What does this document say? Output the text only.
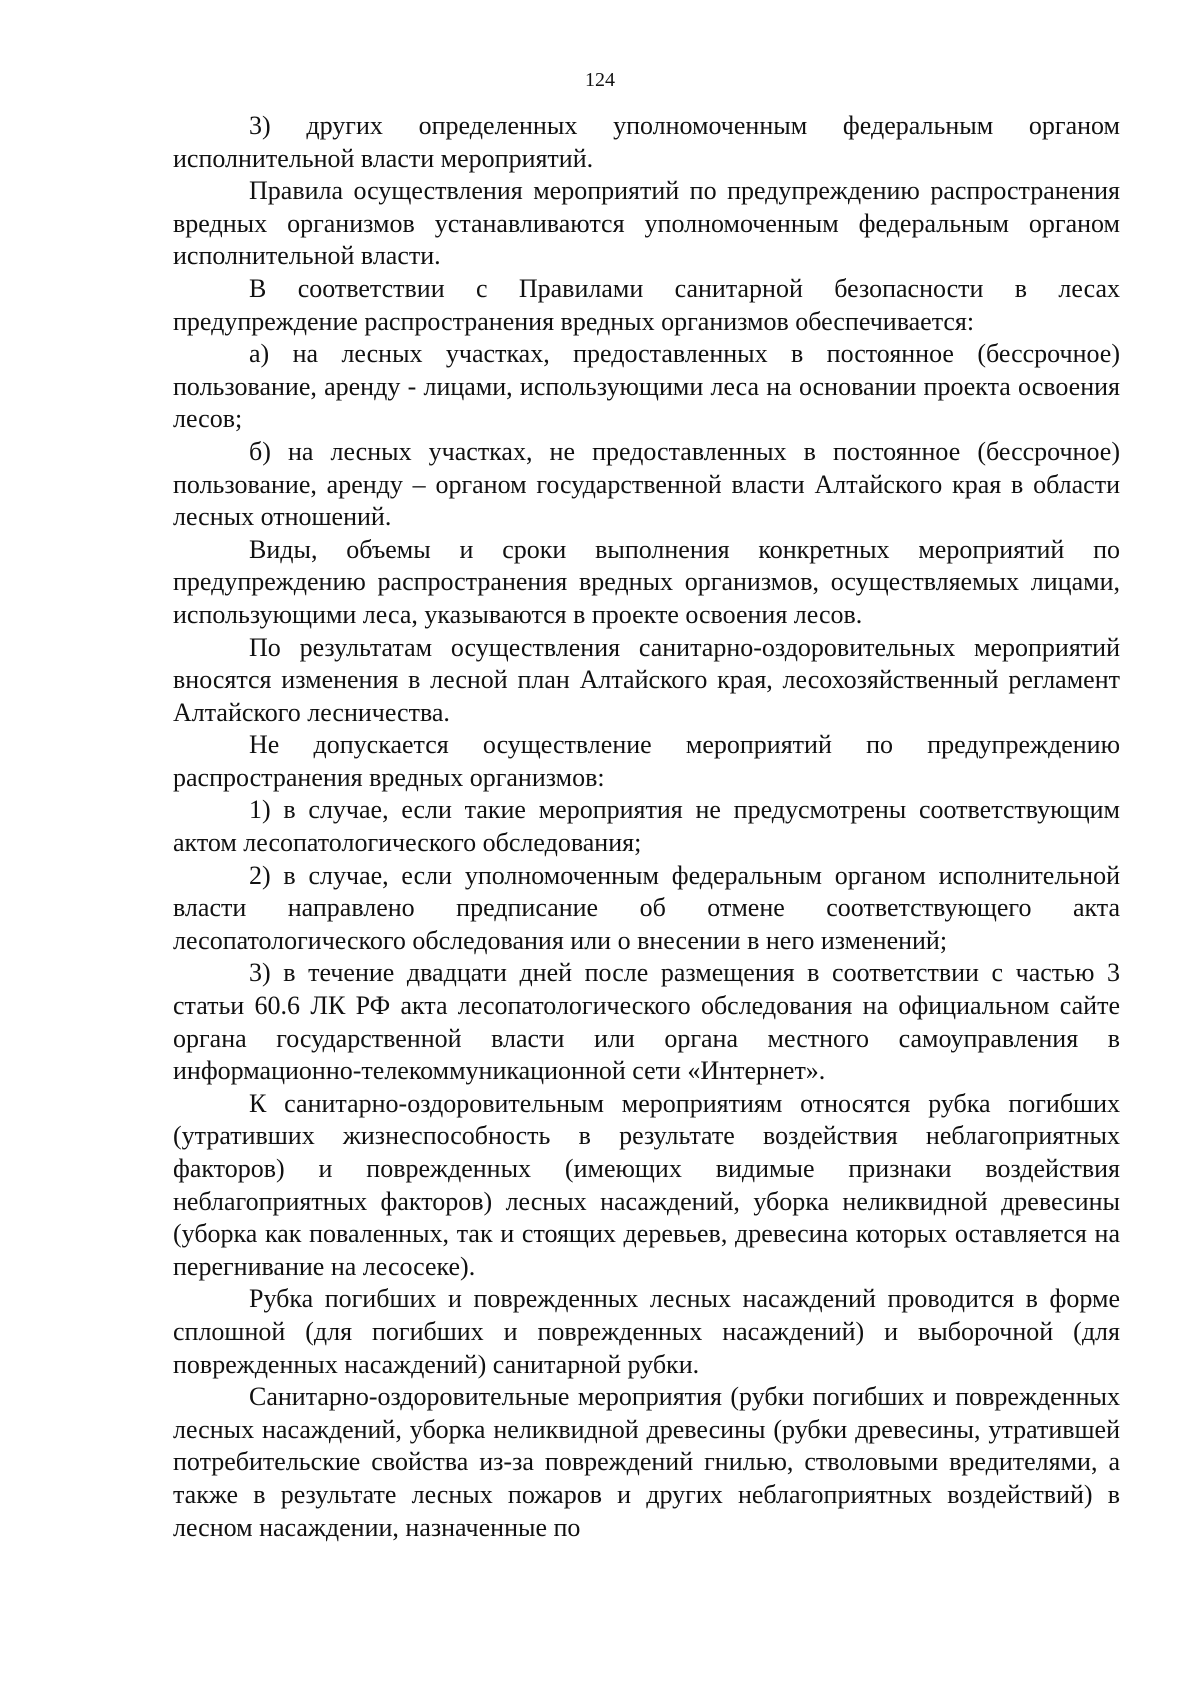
124

3) других определенных уполномоченным федеральным органом исполнительной власти мероприятий.

Правила осуществления мероприятий по предупреждению распространения вредных организмов устанавливаются уполномоченным федеральным органом исполнительной власти.

В соответствии с Правилами санитарной безопасности в лесах предупреждение распространения вредных организмов обеспечивается:

а) на лесных участках, предоставленных в постоянное (бессрочное) пользование, аренду - лицами, использующими леса на основании проекта освоения лесов;

б) на лесных участках, не предоставленных в постоянное (бессрочное) пользование, аренду – органом государственной власти Алтайского края в области лесных отношений.

Виды, объемы и сроки выполнения конкретных мероприятий по предупреждению распространения вредных организмов, осуществляемых лицами, использующими леса, указываются в проекте освоения лесов.

По результатам осуществления санитарно-оздоровительных мероприятий вносятся изменения в лесной план Алтайского края, лесохозяйственный регламент Алтайского лесничества.

Не допускается осуществление мероприятий по предупреждению распространения вредных организмов:

1) в случае, если такие мероприятия не предусмотрены соответствующим актом лесопатологического обследования;

2) в случае, если уполномоченным федеральным органом исполнительной власти направлено предписание об отмене соответствующего акта лесопатологического обследования или о внесении в него изменений;

3) в течение двадцати дней после размещения в соответствии с частью 3 статьи 60.6 ЛК РФ акта лесопатологического обследования на официальном сайте органа государственной власти или органа местного самоуправления в информационно-телекоммуникационной сети «Интернет».

К санитарно-оздоровительным мероприятиям относятся рубка погибших (утративших жизнеспособность в результате воздействия неблагоприятных факторов) и поврежденных (имеющих видимые признаки воздействия неблагоприятных факторов) лесных насаждений, уборка неликвидной древесины (уборка как поваленных, так и стоящих деревьев, древесина которых оставляется на перегнивание на лесосеке).

Рубка погибших и поврежденных лесных насаждений проводится в форме сплошной (для погибших и поврежденных насаждений) и выборочной (для поврежденных насаждений) санитарной рубки.

Санитарно-оздоровительные мероприятия (рубки погибших и поврежденных лесных насаждений, уборка неликвидной древесины (рубки древесины, утратившей потребительские свойства из-за повреждений гнилью, стволовыми вредителями, а также в результате лесных пожаров и других неблагоприятных воздействий) в лесном насаждении, назначенные по
